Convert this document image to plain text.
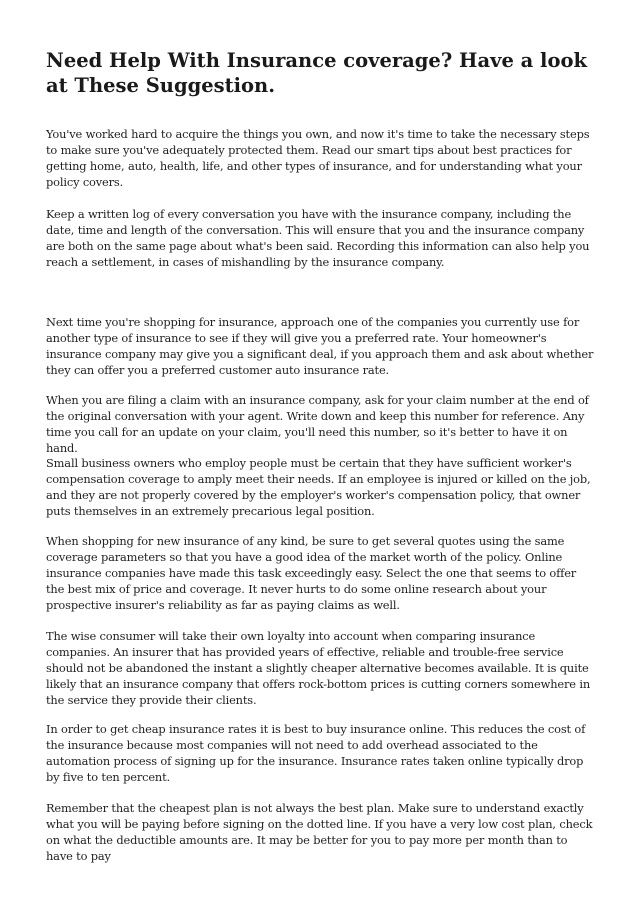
Need Help With Insurance coverage? Have a look at These Suggestion.

You've worked hard to acquire the things you own, and now it's time to take the necessary steps to make sure you've adequately protected them. Read our smart tips about best practices for getting home, auto, health, life, and other types of insurance, and for understanding what your policy covers.

Keep a written log of every conversation you have with the insurance company, including the date, time and length of the conversation. This will ensure that you and the insurance company are both on the same page about what's been said. Recording this information can also help you reach a settlement, in cases of mishandling by the insurance company.

Next time you're shopping for insurance, approach one of the companies you currently use for another type of insurance to see if they will give you a preferred rate. Your homeowner's insurance company may give you a significant deal, if you approach them and ask about whether they can offer you a preferred customer auto insurance rate.

When you are filing a claim with an insurance company, ask for your claim number at the end of the original conversation with your agent. Write down and keep this number for reference. Any time you call for an update on your claim, you'll need this number, so it's better to have it on hand.

Small business owners who employ people must be certain that they have sufficient worker's compensation coverage to amply meet their needs. If an employee is injured or killed on the job, and they are not properly covered by the employer's worker's compensation policy, that owner puts themselves in an extremely precarious legal position.

When shopping for new insurance of any kind, be sure to get several quotes using the same coverage parameters so that you have a good idea of the market worth of the policy. Online insurance companies have made this task exceedingly easy. Select the one that seems to offer the best mix of price and coverage. It never hurts to do some online research about your prospective insurer's reliability as far as paying claims as well.

The wise consumer will take their own loyalty into account when comparing insurance companies. An insurer that has provided years of effective, reliable and trouble-free service should not be abandoned the instant a slightly cheaper alternative becomes available. It is quite likely that an insurance company that offers rock-bottom prices is cutting corners somewhere in the service they provide their clients.

In order to get cheap insurance rates it is best to buy insurance online. This reduces the cost of the insurance because most companies will not need to add overhead associated to the automation process of signing up for the insurance. Insurance rates taken online typically drop by five to ten percent.

Remember that the cheapest plan is not always the best plan. Make sure to understand exactly what you will be paying before signing on the dotted line. If you have a very low cost plan, check on what the deductible amounts are. It may be better for you to pay more per month than to have to pay
